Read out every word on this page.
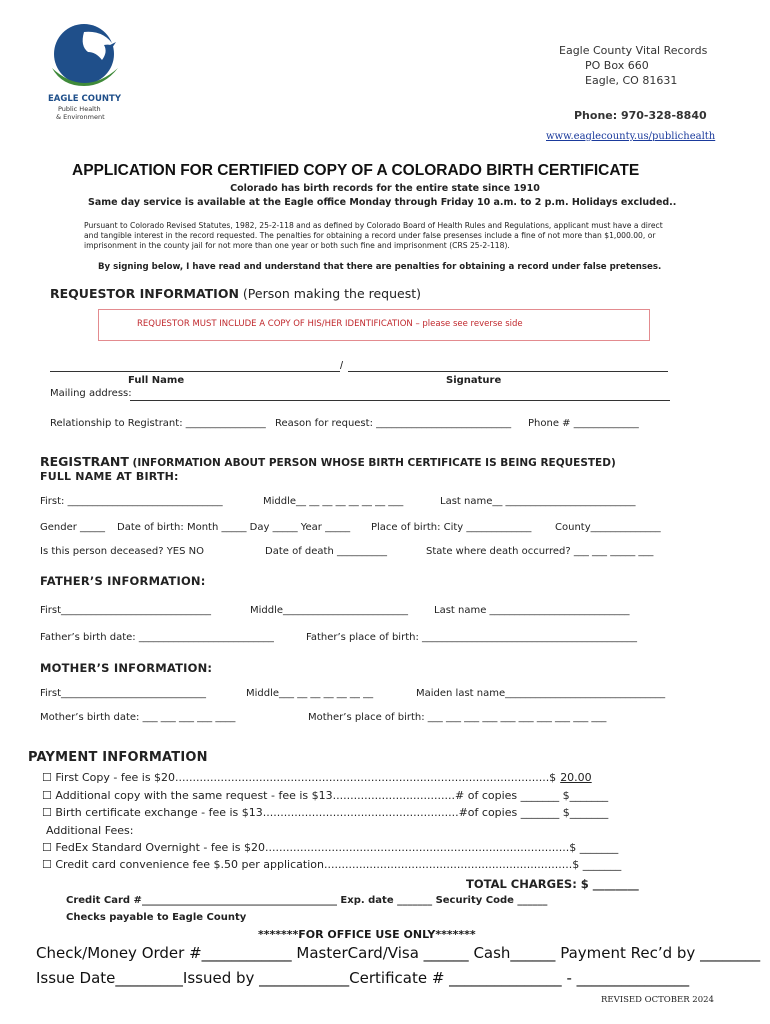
EAGLE COUNTY
Public Health
& Environment
Eagle County Vital Records
PO Box 660
Eagle, CO 81631
Phone: 970-328-8840
www.eaglecounty.us/publichealth
APPLICATION FOR CERTIFIED COPY OF A COLORADO BIRTH CERTIFICATE
Colorado has birth records for the entire state since 1910
Same day service is available at the Eagle office Monday through Friday 10 a.m. to 2 p.m. Holidays excluded..
Pursuant to Colorado Revised Statutes, 1982, 25-2-118 and as defined by Colorado Board of Health Rules and Regulations, applicant must have a direct and tangible interest in the record requested. The penalties for obtaining a record under false presenses include a fine of not more than $1,000.00, or imprisonment in the county jail for not more than one year or both such fine and imprisonment (CRS 25-2-118).
By signing below, I have read and understand that there are penalties for obtaining a record under false pretenses.
REQUESTOR INFORMATION (Person making the request)
REQUESTOR MUST INCLUDE A COPY OF HIS/HER IDENTIFICATION – please see reverse side
/
Full Name	Signature
Mailing address:
Relationship to Registrant: ________________ Reason for request: ___________________________ Phone # _____________
REGISTRANT (INFORMATION ABOUT PERSON WHOSE BIRTH CERTIFICATE IS BEING REQUESTED)
FULL NAME AT BIRTH:
First: _______________________________	Middle__ __ __ __ __ __ __ ___	Last name__ __________________________
Gender _____ Date of birth: Month _____ Day _____ Year _____ Place of birth: City _____________ County______________
Is this person deceased? YES NO	Date of death __________	State where death occurred? ___ ___ _____ ___
FATHER’S INFORMATION:
First______________________________	Middle_________________________	Last name ____________________________
Father’s birth date: ___________________________	Father’s place of birth: ___________________________________________
MOTHER’S INFORMATION:
First_____________________________	Middle___ __ __ __ __ __ __	Maiden last name________________________________
Mother’s birth date: ___ ___ ___ ___ ____	Mother’s place of birth: ___ ___ ___ ___ ___ ___ ___ ___ ___ ___
PAYMENT INFORMATION
☐ First Copy - fee is $20...........................................................................................................$ 20.00
☐ Additional copy with the same request - fee is $13...................................# of copies _______ $_______
☐ Birth certificate exchange - fee is $13........................................................#of copies _______ $_______
Additional Fees:
☐ FedEx Standard Overnight - fee is $20.......................................................................................$ _______
☐ Credit card convenience fee $.50 per application.......................................................................$ _______
TOTAL CHARGES: $ ________
Credit Card #_______________________________________ Exp. date _______ Security Code ______
Checks payable to Eagle County
*******FOR OFFICE USE ONLY*******
Check/Money Order #____________ MasterCard/Visa ______ Cash______ Payment Rec’d by ________
Issue Date_________Issued by ____________Certificate # _______________ - _______________
REVISED OCTOBER 2024
